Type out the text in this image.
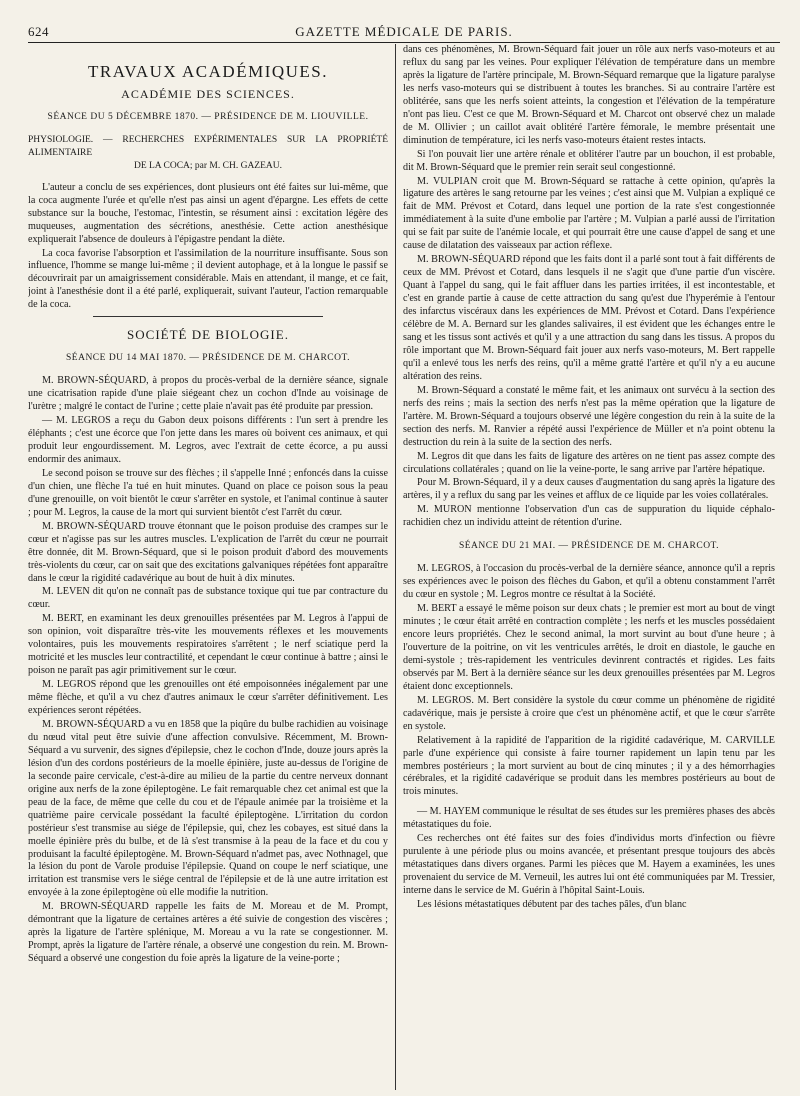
624	GAZETTE MÉDICALE DE PARIS.
TRAVAUX ACADÉMIQUES.
ACADÉMIE DES SCIENCES.
SÉANCE DU 5 DÉCEMBRE 1870. — PRÉSIDENCE DE M. LIOUVILLE.

PHYSIOLOGIE. — RECHERCHES EXPÉRIMENTALES SUR LA PROPRIÉTÉ ALIMENTAIRE
DE LA COCA; par M. CH. GAZEAU.

L'auteur a conclu de ses expériences, dont plusieurs ont été faites sur lui-même, que la coca augmente l'urée et qu'elle n'est pas ainsi un agent d'épargne. Les effets de cette substance sur la bouche, l'estomac, l'intestin, se résument ainsi : excitation légère des muqueuses, augmentation des sécrétions, anesthésie. Cette action anesthésique expliquerait l'absence de douleurs à l'épigastre pendant la diète.

La coca favorise l'absorption et l'assimilation de la nourriture insuffisante. Sous son influence, l'homme se mange lui-même ; il devient autophage, et à la longue le passif se découvrirait par un amaigrissement considérable. Mais en attendant, il mange, et ce fait, joint à l'anesthésie dont il a été parlé, expliquerait, suivant l'auteur, l'action remarquable de la coca.

SOCIÉTÉ DE BIOLOGIE.
SÉANCE DU 14 MAI 1870. — PRÉSIDENCE DE M. CHARCOT.

M. BROWN-SÉQUARD, à propos du procès-verbal de la dernière séance, signale une cicatrisation rapide d'une plaie siégeant chez un cochon d'Inde au voisinage de l'urètre ; malgré le contact de l'urine ; cette plaie n'avait pas été produite par pression.

— M. LEGROS a reçu du Gabon deux poisons différents : l'un sert à prendre les éléphants ; c'est une écorce que l'on jette dans les mares où boivent ces animaux, et qui produit leur engourdissement. M. Legros, avec l'extrait de cette écorce, a pu aussi endormir des animaux.

Le second poison se trouve sur des flèches ; il s'appelle Inné ; enfoncés dans la cuisse d'un chien, une flèche l'a tué en huit minutes. Quand on place ce poison sous la peau d'une grenouille, on voit bientôt le cœur s'arrêter en systole, et l'animal continue à sauter ; pour M. Legros, la cause de la mort qui survient bientôt c'est l'arrêt du cœur.

M. BROWN-SÉQUARD trouve étonnant que le poison produise des crampes sur le cœur et n'agisse pas sur les autres muscles. L'explication de l'arrêt du cœur ne pourrait être donnée, dit M. Brown-Séquard, que si le poison produit d'abord des mouvements très-violents du cœur, car on sait que des excitations galvaniques répétées font apparaître dans le cœur la rigidité cadavérique au bout de huit à dix minutes.

M. LEVEN dit qu'on ne connaît pas de substance toxique qui tue par contracture du cœur.

M. BERT, en examinant les deux grenouilles présentées par M. Legros à l'appui de son opinion, voit disparaître très-vite les mouvements réflexes et les mouvements volontaires, puis les mouvements respiratoires s'arrêtent ; le nerf sciatique perd la motricité et les muscles leur contractilité, et cependant le cœur continue à battre ; ainsi le poison ne paraît pas agir primitivement sur le cœur.

M. LEGROS répond que les grenouilles ont été empoisonnées inégalement par une même flèche, et qu'il a vu chez d'autres animaux le cœur s'arrêter définitivement. Les expériences seront répétées.

M. BROWN-SÉQUARD a vu en 1858 que la piqûre du bulbe rachidien au voisinage du nœud vital peut être suivie d'une affection convulsive. Récemment, M. Brown-Séquard a vu survenir, des signes d'épilepsie, chez le cochon d'Inde, douze jours après la lésion d'un des cordons postérieurs de la moelle épinière, juste au-dessus de l'origine de la seconde paire cervicale, c'est-à-dire au milieu de la partie du centre nerveux donnant origine aux nerfs de la zone épileptogène. Le fait remarquable chez cet animal est que la peau de la face, de même que celle du cou et de l'épaule animée par la troisième et la quatrième paire cervicale possédant la faculté épileptogène. L'irritation du cordon postérieur s'est transmise au siége de l'épilepsie, qui, chez les cobayes, est situé dans la moelle épinière près du bulbe, et de là s'est transmise à la peau de la face et du cou y produisant la faculté épileptogène. M. Brown-Séquard n'admet pas, avec Nothnagel, que la lésion du pont de Varole produise l'épilepsie. Quand on coupe le nerf sciatique, une irritation est transmise vers le siége central de l'épilepsie et de là une autre irritation est envoyée à la zone épileptogène où elle modifie la nutrition.

M. BROWN-SÉQUARD rappelle les faits de M. Moreau et de M. Prompt, démontrant que la ligature de certaines artères a été suivie de congestion des viscères ; après la ligature de l'artère splénique, M. Moreau a vu la rate se congestionner. M. Prompt, après la ligature de l'artère rénale, a observé une congestion du rein. M. Brown-Séquard a observé une congestion du foie après la ligature de la veine-porte ;

dans ces phénomènes, M. Brown-Séquard fait jouer un rôle aux nerfs vaso-moteurs et au reflux du sang par les veines. Pour expliquer l'élévation de température dans un membre après la ligature de l'artère principale, M. Brown-Séquard remarque que la ligature paralyse les nerfs vaso-moteurs qui se distribuent à toutes les branches. Si au contraire l'artère est oblitérée, sans que les nerfs soient atteints, la congestion et l'élévation de la température n'ont pas lieu. C'est ce que M. Brown-Séquard et M. Charcot ont observé chez un malade de M. Ollivier ; un caillot avait oblitéré l'artère fémorale, le membre présentait une diminution de température, ici les nerfs vaso-moteurs étaient restes intacts.

Si l'on pouvait lier une artère rénale et oblitérer l'autre par un bouchon, il est probable, dit M. Brown-Séquard que le premier rein serait seul congestionné.

M. VULPIAN croit que M. Brown-Séquard se rattache à cette opinion, qu'après la ligature des artères le sang retourne par les veines ; c'est ainsi que M. Vulpian a expliqué ce fait de MM. Prévost et Cotard, dans lequel une portion de la rate s'est congestionnée immédiatement à la suite d'une embolie par l'artère ; M. Vulpian a parlé aussi de l'irritation qui se fait par suite de l'anémie locale, et qui pourrait être une cause d'appel de sang et une cause de dilatation des vaisseaux par action réflexe.

M. BROWN-SÉQUARD répond que les faits dont il a parlé sont tout à fait différents de ceux de MM. Prévost et Cotard, dans lesquels il ne s'agit que d'une partie d'un viscère. Quant à l'appel du sang, qui le fait affluer dans les parties irritées, il est incontestable, et c'est en grande partie à cause de cette attraction du sang qu'est due l'hyperémie à l'entour des infarctus viscéraux dans les expériences de MM. Prévost et Cotard. Dans l'expérience célèbre de M. A. Bernard sur les glandes salivaires, il est évident que les échanges entre le sang et les tissus sont activés et qu'il y a une attraction du sang dans les tissus. A propos du rôle important que M. Brown-Séquard fait jouer aux nerfs vaso-moteurs, M. Bert rappelle qu'il a enlevé tous les nerfs des reins, qu'il a même gratté l'artère et qu'il n'y a eu aucune altération des reins.

M. Brown-Séquard a constaté le même fait, et les animaux ont survécu à la section des nerfs des reins ; mais la section des nerfs n'est pas la même opération que la ligature de l'artère. M. Brown-Séquard a toujours observé une légère congestion du rein à la suite de la section des nerfs. M. Ranvier a répété aussi l'expérience de Müller et n'a point obtenu la destruction du rein à la suite de la section des nerfs.

M. Legros dit que dans les faits de ligature des artères on ne tient pas assez compte des circulations collatérales ; quand on lie la veine-porte, le sang arrive par l'artère hépatique.

Pour M. Brown-Séquard, il y a deux causes d'augmentation du sang après la ligature des artères, il y a reflux du sang par les veines et afflux de ce liquide par les voies collatérales.

M. MURON mentionne l'observation d'un cas de suppuration du liquide céphalo-rachidien chez un individu atteint de rétention d'urine.

SÉANCE DU 21 MAI. — PRÉSIDENCE DE M. CHARCOT.

M. LEGROS, à l'occasion du procès-verbal de la dernière séance, annonce qu'il a repris ses expériences avec le poison des flèches du Gabon, et qu'il a obtenu constamment l'arrêt du cœur en systole ; M. Legros montre ce résultat à la Société.

M. BERT a essayé le même poison sur deux chats ; le premier est mort au bout de vingt minutes ; le cœur était arrêté en contraction complète ; les nerfs et les muscles possédaient encore leurs propriétés. Chez le second animal, la mort survint au bout d'une heure ; à l'ouverture de la poitrine, on vit les ventricules arrêtés, le droit en diastole, le gauche en demi-systole ; très-rapidement les ventricules devinrent contractés et rigides. Les faits observés par M. Bert à la dernière séance sur les deux grenouilles présentées par M. Legros étaient donc exceptionnels.

M. LEGROS. M. Bert considère la systole du cœur comme un phénomène de rigidité cadavérique, mais je persiste à croire que c'est un phénomène actif, et que le cœur s'arrête en systole.

Relativement à la rapidité de l'apparition de la rigidité cadavérique, M. CARVILLE parle d'une expérience qui consiste à faire tourner rapidement un lapin tenu par les membres postérieurs ; la mort survient au bout de cinq minutes ; il y a des hémorrhagies cérébrales, et la rigidité cadavérique se produit dans les membres postérieurs au bout de trois minutes.

— M. HAYEM communique le résultat de ses études sur les premières phases des abcès métastatiques du foie.

Ces recherches ont été faites sur des foies d'individus morts d'infection ou fièvre purulente à une période plus ou moins avancée, et présentant presque toujours des abcès métastatiques dans divers organes. Parmi les pièces que M. Hayem a examinées, les unes provenaient du service de M. Verneuil, les autres lui ont été communiquées par M. Tressier, interne dans le service de M. Guérin à l'hôpital Saint-Louis.

Les lésions métastatiques débutent par des taches pâles, d'un blanc
